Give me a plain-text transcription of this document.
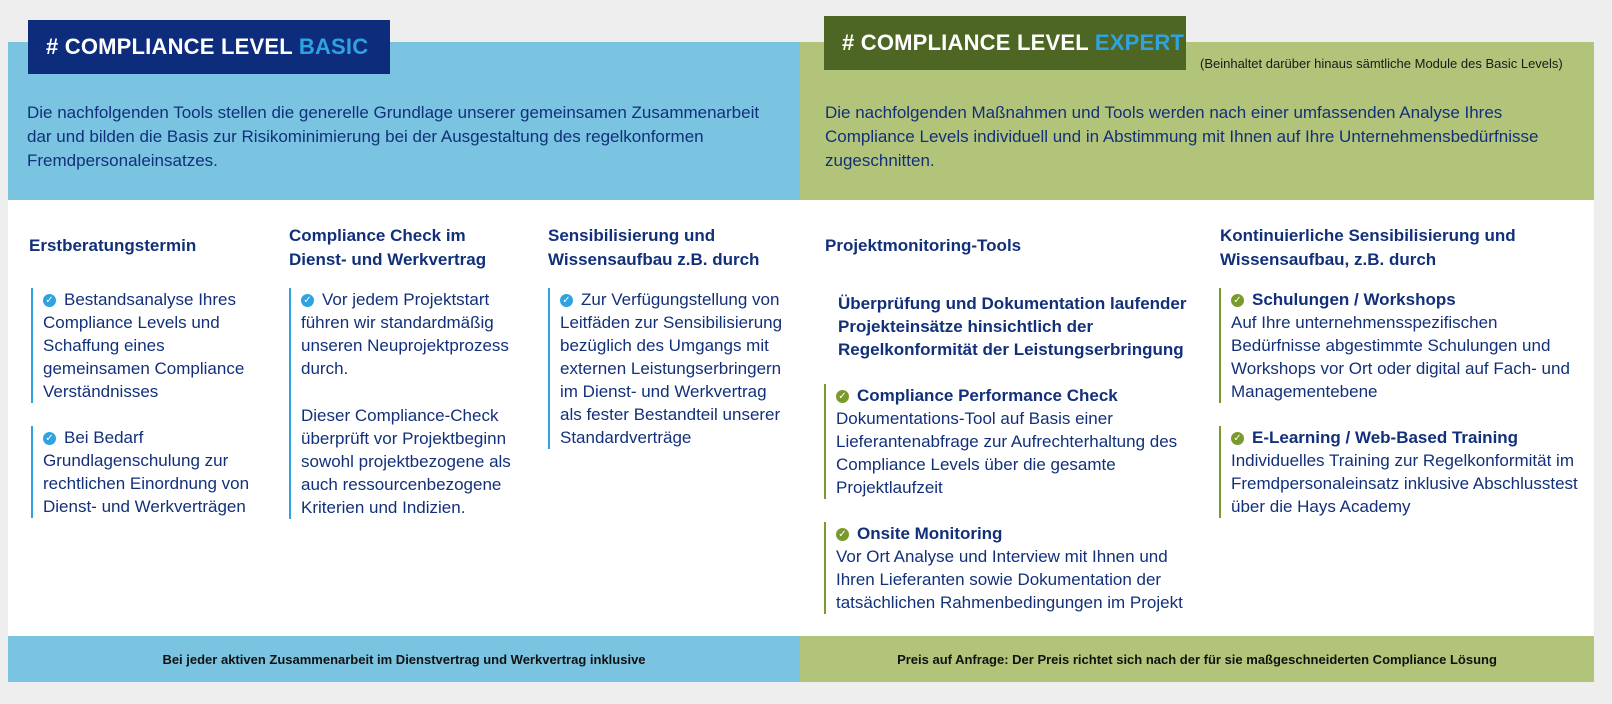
Bei jeder aktiven Zusammenarbeit im Dienstvertrag und Werkvertrag inklusive	Preis auf Anfrage: Der Preis richtet sich nach der für sie maßgeschneiderten Compliance Lösung
# COMPLIANCE LEVEL BASIC	# COMPLIANCE LEVEL EXPERT
(Beinhaltet darüber hinaus sämtliche Module des Basic Levels)
Die nachfolgenden Tools stellen die generelle Grundlage unserer gemeinsamen Zusammenarbeit dar und bilden die Basis zur Risikominimierung bei der Ausgestaltung des regelkonformen Fremdpersonaleinsatzes.
Die nachfolgenden Maßnahmen und Tools werden nach einer umfassenden Analyse Ihres Compliance Levels individuell und in Abstimmung mit Ihnen auf Ihre Unternehmensbedürfnisse zugeschnitten.
Erstberatungstermin
✓ Bestandsanalyse Ihres Compliance Levels und Schaffung eines gemeinsamen Compliance Verständnisses
✓ Bei Bedarf Grundlagenschulung zur rechtlichen Einordnung von Dienst- und Werkverträgen
Compliance Check im Dienst- und Werkvertrag
✓ Vor jedem Projektstart führen wir standardmäßig unseren Neuprojektprozess durch.
Dieser Compliance-Check überprüft vor Projektbeginn sowohl projektbezogene als auch ressourcenbezogene Kriterien und Indizien.
Sensibilisierung und Wissensaufbau z.B. durch
✓ Zur Verfügungstellung von Leitfäden zur Sensibilisierung bezüglich des Umgangs mit externen Leistungserbringern im Dienst- und Werkvertrag als fester Bestandteil unserer Standardverträge
Projektmonitoring-Tools
Überprüfung und Dokumentation laufender Projekteinsätze hinsichtlich der Regelkonformität der Leistungserbringung
✓ Compliance Performance Check
Dokumentations-Tool auf Basis einer Lieferantenabfrage zur Aufrechterhaltung des Compliance Levels über die gesamte Projektlaufzeit
✓ Onsite Monitoring
Vor Ort Analyse und Interview mit Ihnen und Ihren Lieferanten sowie Dokumentation der tatsächlichen Rahmenbedingungen im Projekt
Kontinuierliche Sensibilisierung und Wissensaufbau, z.B. durch
✓ Schulungen / Workshops
Auf Ihre unternehmensspezifischen Bedürfnisse abgestimmte Schulungen und Workshops vor Ort oder digital auf Fach- und Managementebene
✓ E-Learning / Web-Based Training
Individuelles Training zur Regelkonformität im Fremdpersonaleinsatz inklusive Abschlusstest über die Hays Academy
